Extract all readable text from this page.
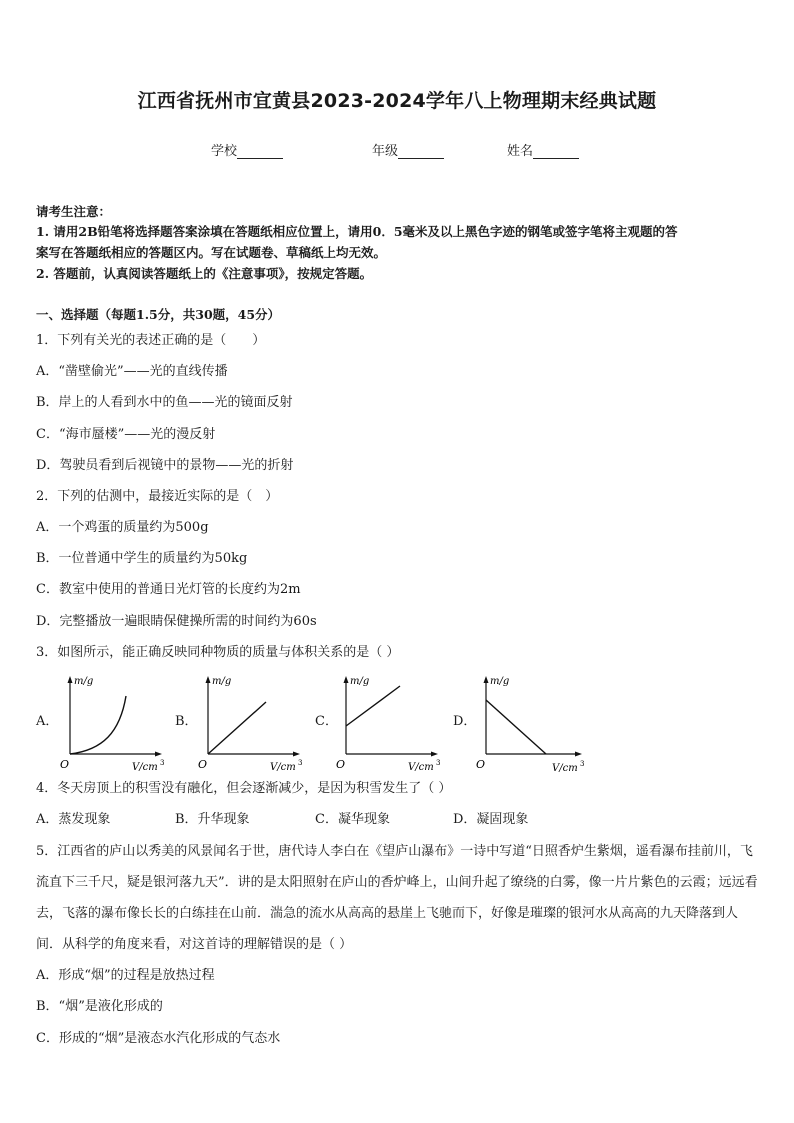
江西省抚州市宜黄县2023-2024学年八上物理期末经典试题
学校	年级	姓名
请考生注意：
1. 请用2B铅笔将选择题答案涂填在答题纸相应位置上，请用0．5毫米及以上黑色字迹的钢笔或签字笔将主观题的答
案写在答题纸相应的答题区内。写在试题卷、草稿纸上均无效。
2. 答题前，认真阅读答题纸上的《注意事项》，按规定答题。
一、选择题（每题1.5分，共30题，45分）
1．下列有关光的表述正确的是（　　）
A．“凿壁偷光”——光的直线传播
B．岸上的人看到水中的鱼——光的镜面反射
C．“海市蜃楼”——光的漫反射
D．驾驶员看到后视镜中的景物——光的折射
2．下列的估测中，最接近实际的是（　）
A．一个鸡蛋的质量约为500g
B．一位普通中学生的质量约为50kg
C．教室中使用的普通日光灯管的长度约为2m
D．完整播放一遍眼睛保健操所需的时间约为60s
3．如图所示，能正确反映同种物质的质量与体积关系的是（ ）
A．	B．	C．	D．
m/g
O	V/cm 3
m/g
O	V/cm 3
m/g
O	V/cm 3
m/g
O	V/cm 3
4．冬天房顶上的积雪没有融化，但会逐渐减少，是因为积雪发生了（ ）
A．蒸发现象	B．升华现象	C．凝华现象	D．凝固现象
5．江西省的庐山以秀美的风景闻名于世，唐代诗人李白在《望庐山瀑布》一诗中写道“日照香炉生紫烟，遥看瀑布挂前川，飞流直下三千尺，疑是银河落九天”．讲的是太阳照射在庐山的香炉峰上，山间升起了缭绕的白雾，像一片片紫色的云霞；远远看去，飞落的瀑布像长长的白练挂在山前．湍急的流水从高高的悬崖上飞驰而下，好像是璀璨的银河水从高高的九天降落到人间．从科学的角度来看，对这首诗的理解错误的是（ ）
A．形成“烟”的过程是放热过程
B．“烟”是液化形成的
C．形成的“烟”是液态水汽化形成的气态水
